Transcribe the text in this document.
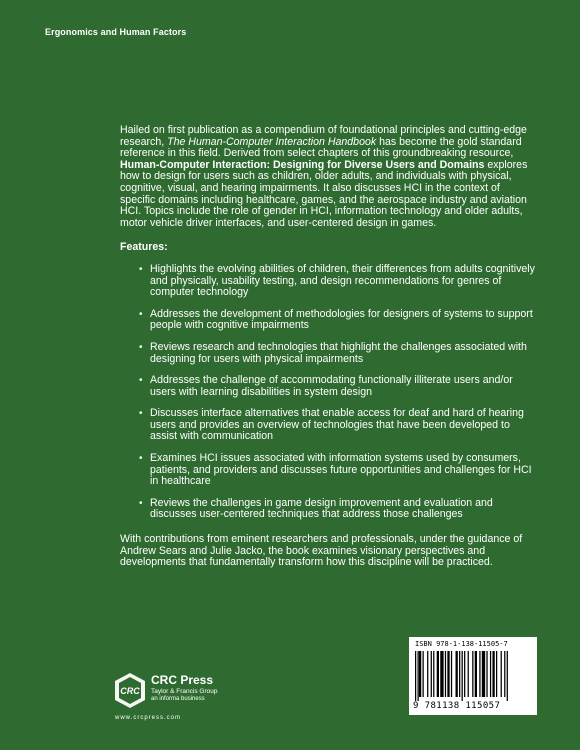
Ergonomics and Human Factors

Hailed on first publication as a compendium of foundational principles and cutting-edge research, The Human-Computer Interaction Handbook has become the gold standard reference in this field. Derived from select chapters of this groundbreaking resource, Human-Computer Interaction: Designing for Diverse Users and Domains explores how to design for users such as children, older adults, and individuals with physical, cognitive, visual, and hearing impairments. It also discusses HCI in the context of specific domains including healthcare, games, and the aerospace industry and aviation HCI. Topics include the role of gender in HCI, information technology and older adults, motor vehicle driver interfaces, and user-centered design in games.

Features:
• Highlights the evolving abilities of children, their differences from adults cognitively and physically, usability testing, and design recommendations for genres of computer technology
• Addresses the development of methodologies for designers of systems to support people with cognitive impairments
• Reviews research and technologies that highlight the challenges associated with designing for users with physical impairments
• Addresses the challenge of accommodating functionally illiterate users and/or users with learning disabilities in system design
• Discusses interface alternatives that enable access for deaf and hard of hearing users and provides an overview of technologies that have been developed to assist with communication
• Examines HCI issues associated with information systems used by consumers, patients, and providers and discusses future opportunities and challenges for HCI in healthcare
• Reviews the challenges in game design improvement and evaluation and discusses user-centered techniques that address those challenges

With contributions from eminent researchers and professionals, under the guidance of Andrew Sears and Julie Jacko, the book examines visionary perspectives and developments that fundamentally transform how this discipline will be practiced.

CRC
CRC Press
Taylor & Francis Group
an informa business
www.crcpress.com
ISBN 978-1-138-11505-7
9 781138 115057
